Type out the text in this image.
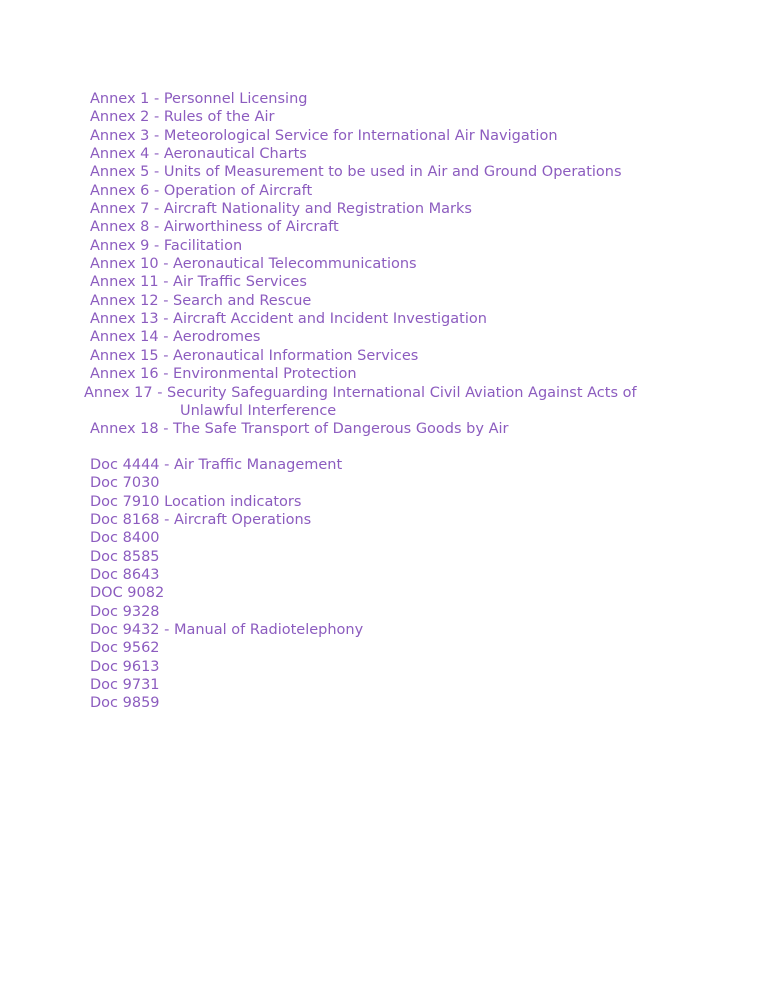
Annex 1 - Personnel Licensing
Annex 2 - Rules of the Air
Annex 3 - Meteorological Service for International Air Navigation
Annex 4 - Aeronautical Charts
Annex 5 - Units of Measurement to be used in Air and Ground Operations
Annex 6 - Operation of Aircraft
Annex 7 - Aircraft Nationality and Registration Marks
Annex 8 - Airworthiness of Aircraft
Annex 9 - Facilitation
Annex 10 - Aeronautical Telecommunications
Annex 11 - Air Traffic Services
Annex 12 - Search and Rescue
Annex 13 - Aircraft Accident and Incident Investigation
Annex 14 - Aerodromes
Annex 15 - Aeronautical Information Services
Annex 16 - Environmental Protection
Annex 17 - Security Safeguarding International Civil Aviation Against Acts of
Unlawful Interference
Annex 18 - The Safe Transport of Dangerous Goods by Air
Doc 4444 - Air Traffic Management
Doc 7030
Doc 7910 Location indicators
Doc 8168 - Aircraft Operations
Doc 8400
Doc 8585
Doc 8643
DOC 9082
Doc 9328
Doc 9432 - Manual of Radiotelephony
Doc 9562
Doc 9613
Doc 9731
Doc 9859
